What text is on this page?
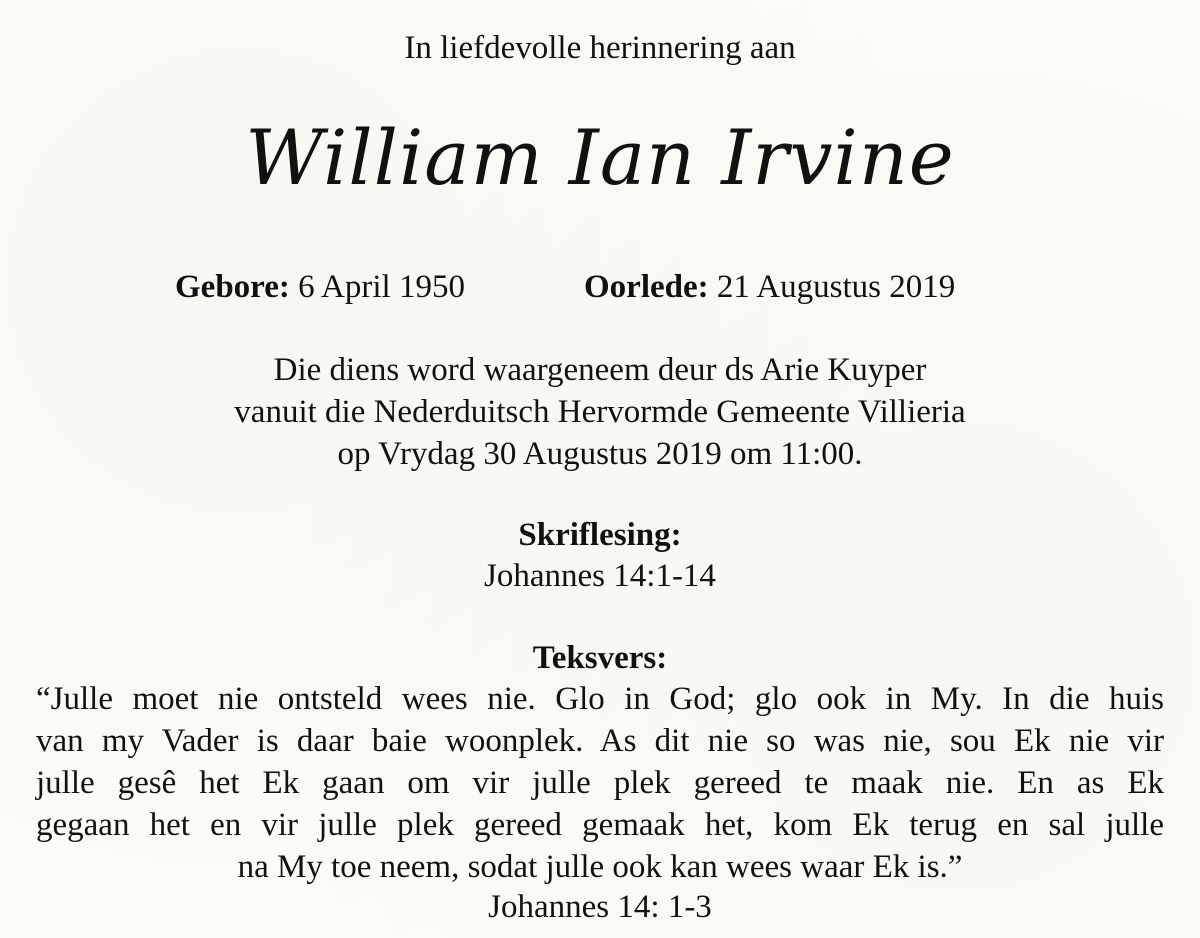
In liefdevolle herinnering aan
William Ian Irvine
Gebore: 6 April 1950	Oorlede: 21 Augustus 2019
Die diens word waargeneem deur ds Arie Kuyper
vanuit die Nederduitsch Hervormde Gemeente Villieria
op Vrydag 30 Augustus 2019 om 11:00.
Skriflesing:
Johannes 14:1-14
Teksvers:
“Julle moet nie ontsteld wees nie. Glo in God; glo ook in My. In die huis
van my Vader is daar baie woonplek. As dit nie so was nie, sou Ek nie vir
julle gesê het Ek gaan om vir julle plek gereed te maak nie. En as Ek
gegaan het en vir julle plek gereed gemaak het, kom Ek terug en sal julle
na My toe neem, sodat julle ook kan wees waar Ek is.”
Johannes 14: 1-3
